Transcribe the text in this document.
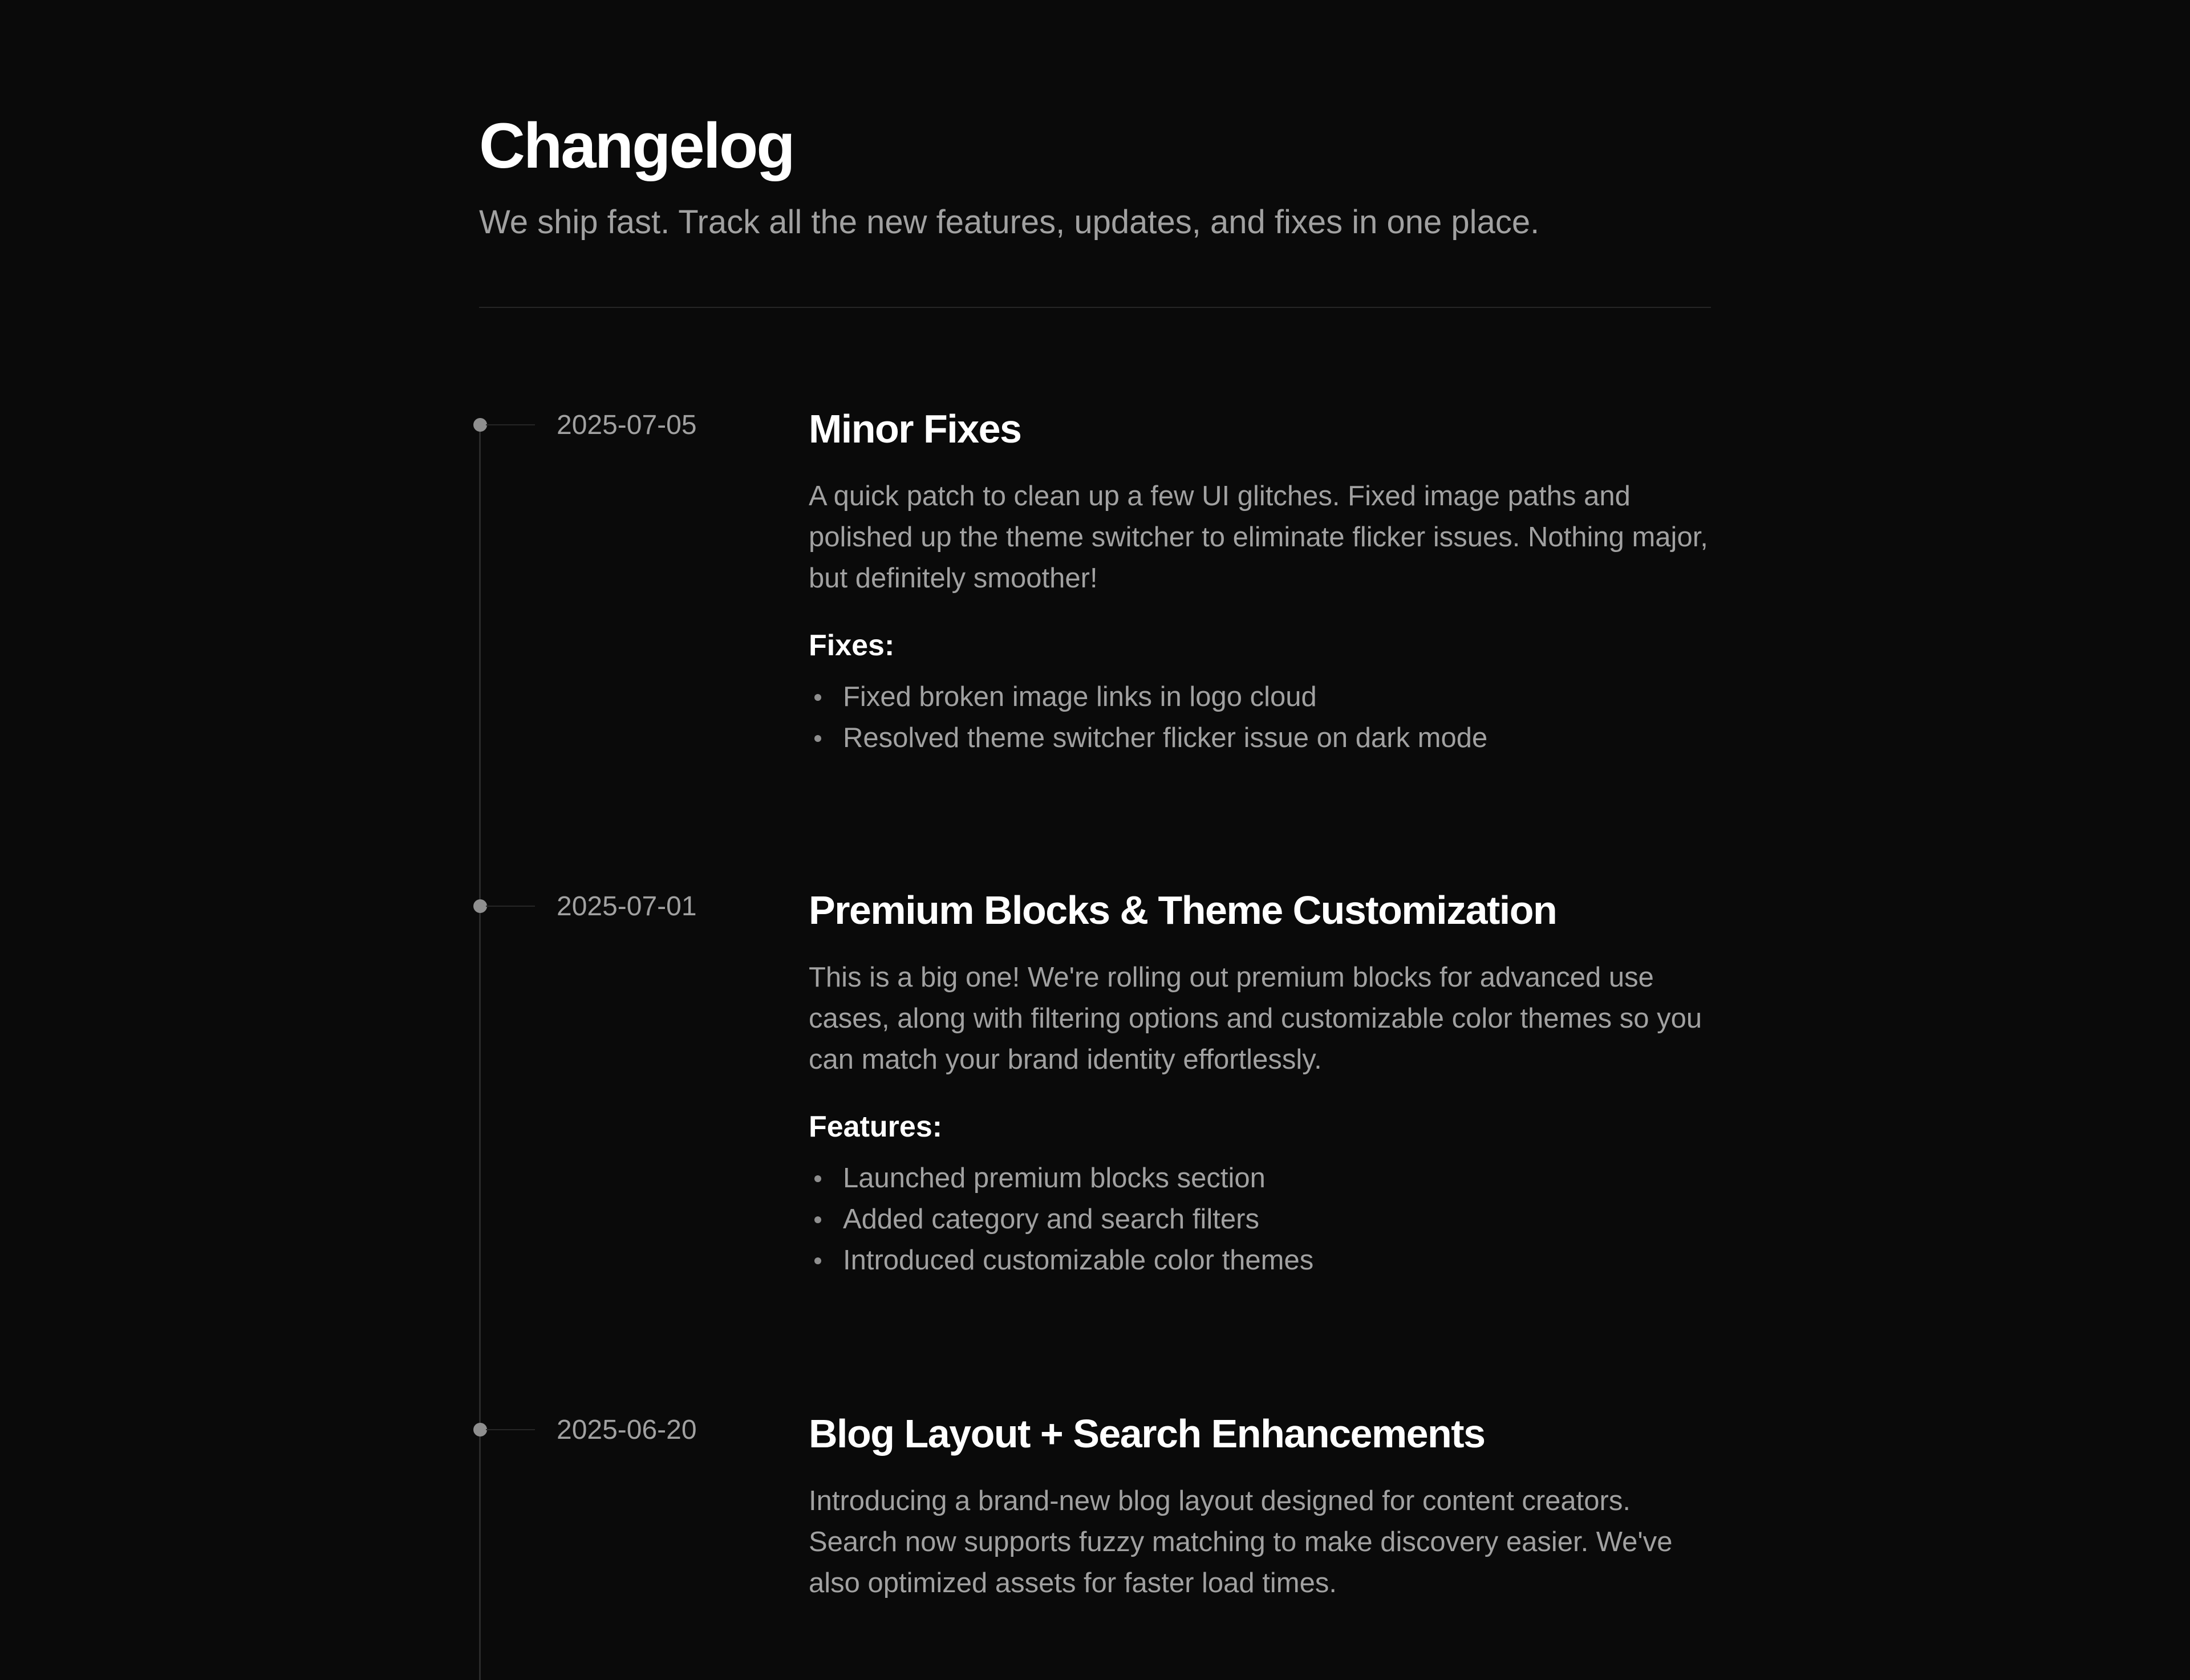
Changelog

We ship fast. Track all the new features, updates, and fixes in one place.

2025-07-05	Minor Fixes

A quick patch to clean up a few UI glitches. Fixed image paths and polished up the theme switcher to eliminate flicker issues. Nothing major, but definitely smoother!

Fixes:
Fixed broken image links in logo cloud
Resolved theme switcher flicker issue on dark mode
2025-07-01	Premium Blocks & Theme Customization

This is a big one! We're rolling out premium blocks for advanced use cases, along with filtering options and customizable color themes so you can match your brand identity effortlessly.

Features:
Launched premium blocks section
Added category and search filters
Introduced customizable color themes
2025-06-20	Blog Layout + Search Enhancements

Introducing a brand-new blog layout designed for content creators. Search now supports fuzzy matching to make discovery easier. We've also optimized assets for faster load times.
